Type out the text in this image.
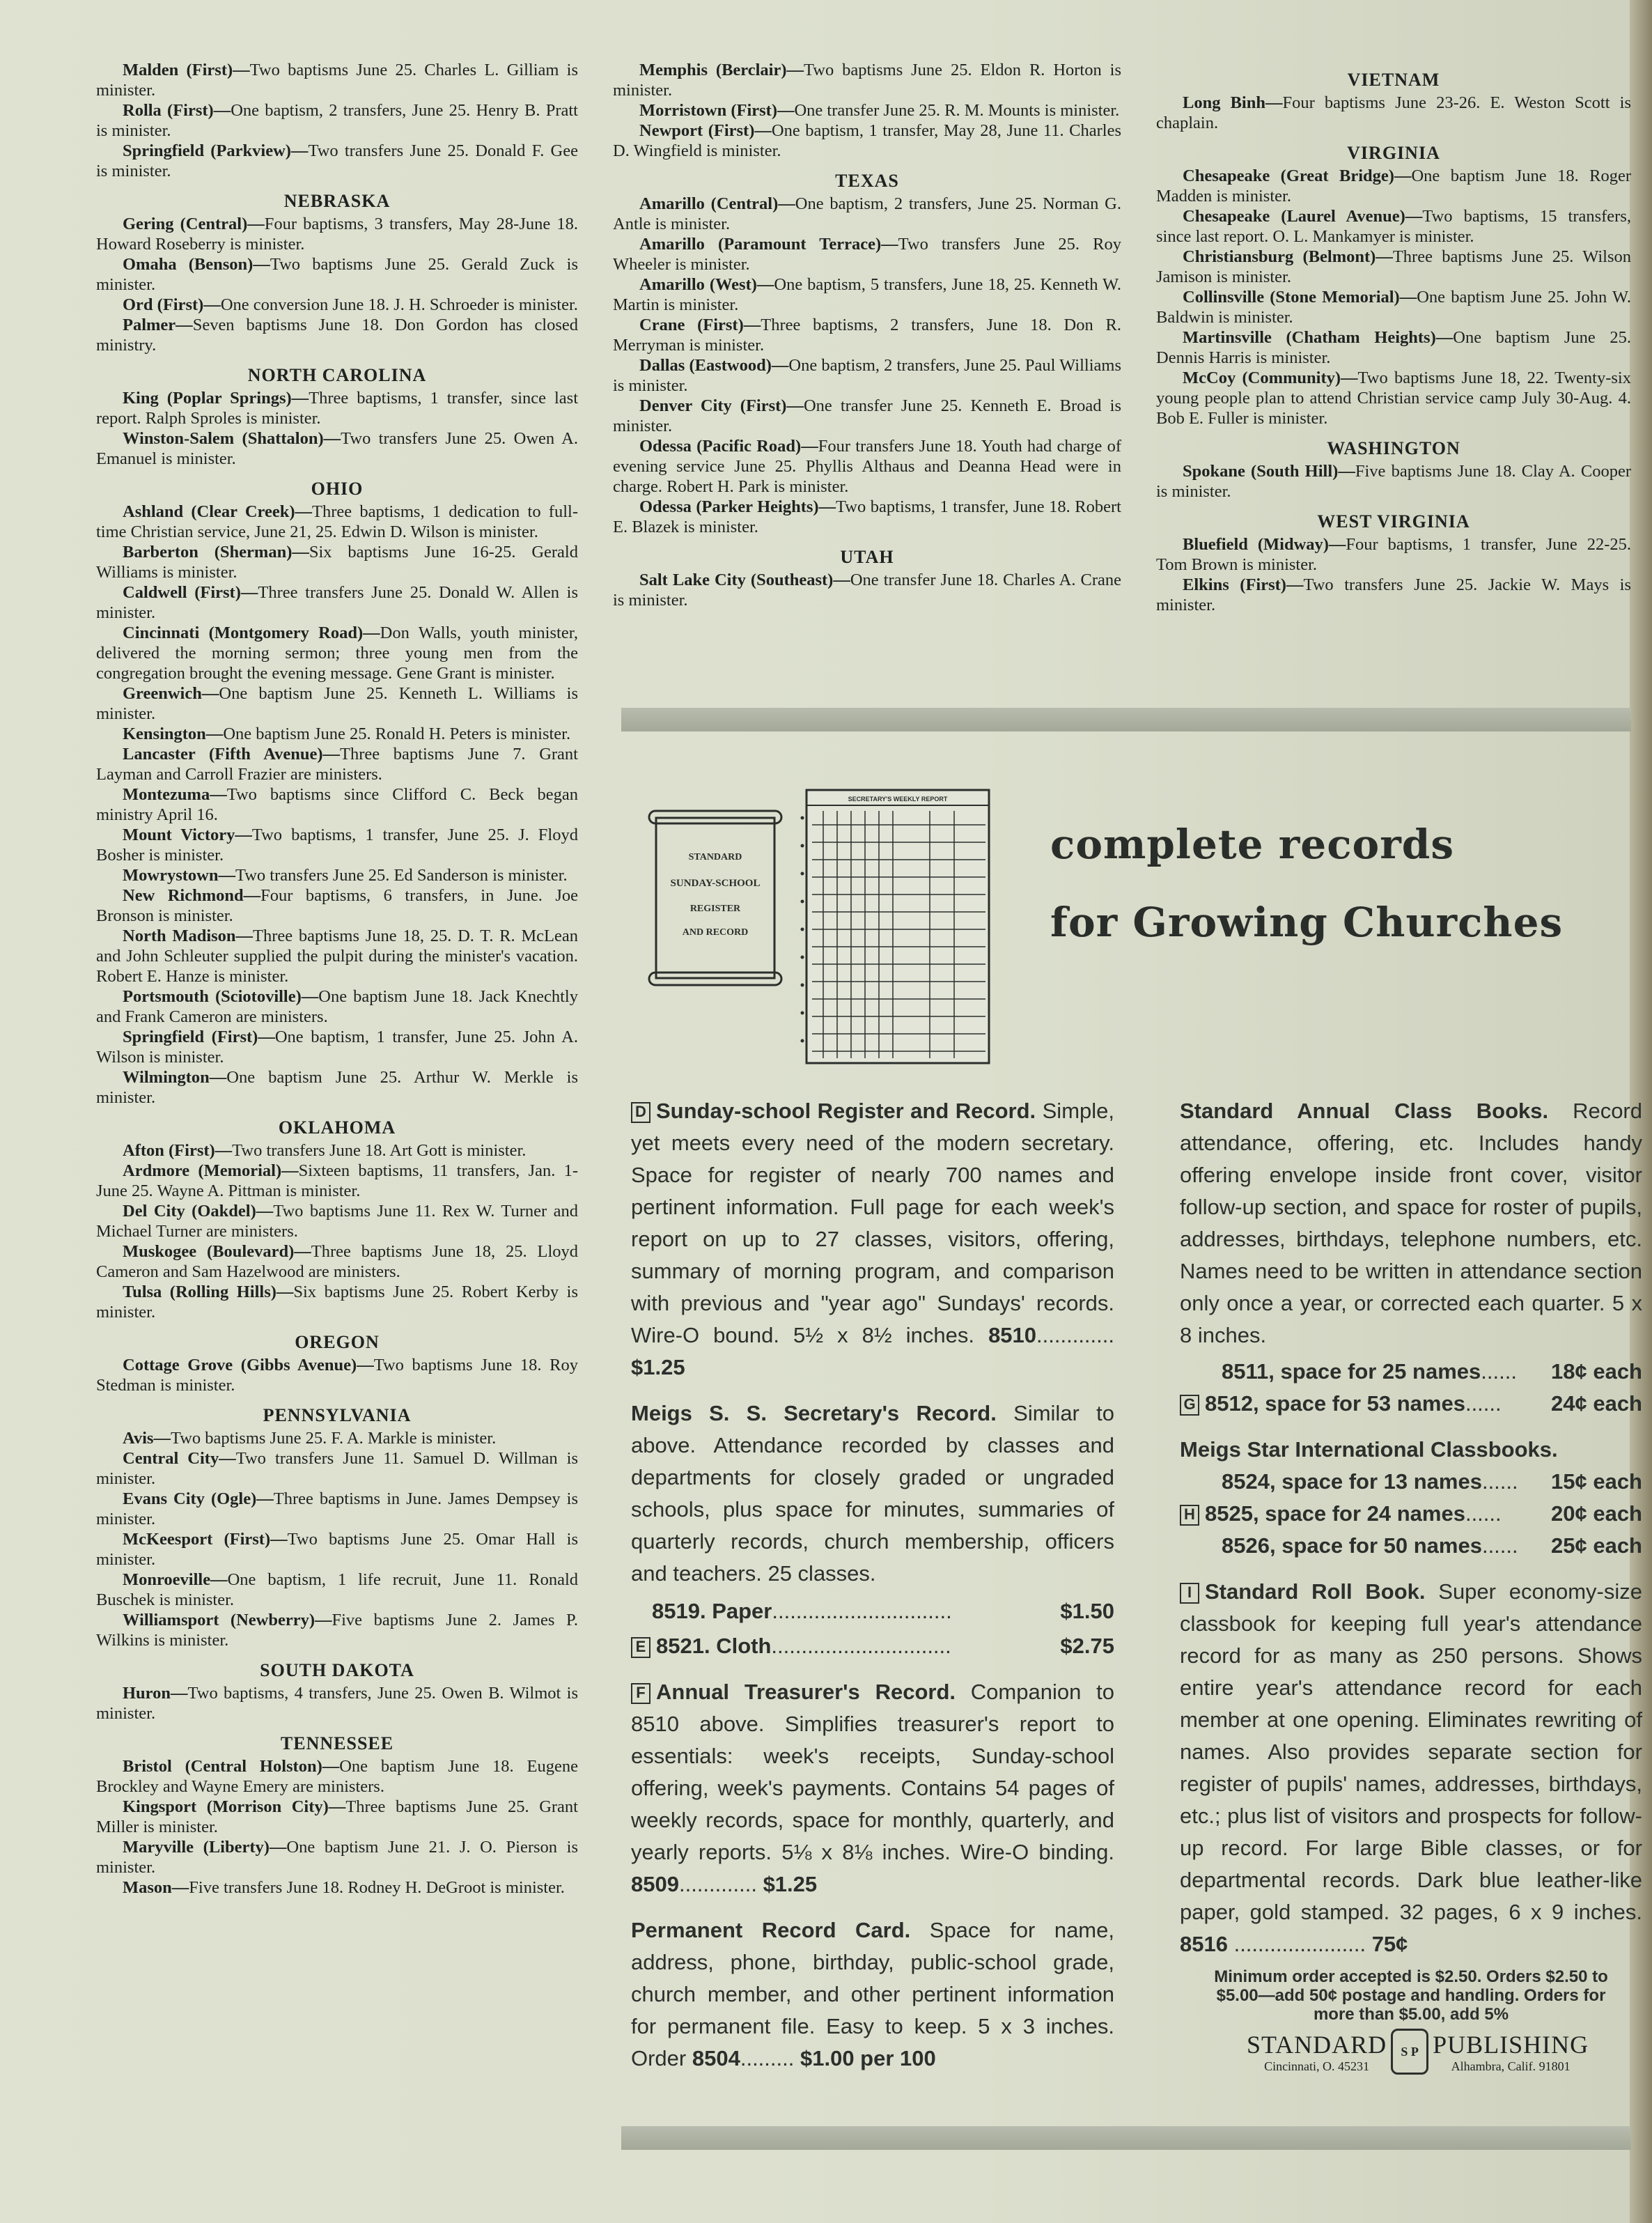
Malden (First)—Two baptisms June 25. Charles L. Gilliam is minister.

Rolla (First)—One baptism, 2 transfers, June 25. Henry B. Pratt is minister.

Springfield (Parkview)—Two transfers June 25. Donald F. Gee is minister.

NEBRASKA

Gering (Central)—Four baptisms, 3 transfers, May 28-June 18. Howard Roseberry is minister.

Omaha (Benson)—Two baptisms June 25. Gerald Zuck is minister.

Ord (First)—One conversion June 18. J. H. Schroeder is minister.

Palmer—Seven baptisms June 18. Don Gordon has closed ministry.

NORTH CAROLINA

King (Poplar Springs)—Three baptisms, 1 transfer, since last report. Ralph Sproles is minister.

Winston-Salem (Shattalon)—Two transfers June 25. Owen A. Emanuel is minister.

OHIO

Ashland (Clear Creek)—Three baptisms, 1 dedication to full-time Christian service, June 21, 25. Edwin D. Wilson is minister.

Barberton (Sherman)—Six baptisms June 16-25. Gerald Williams is minister.

Caldwell (First)—Three transfers June 25. Donald W. Allen is minister.

Cincinnati (Montgomery Road)—Don Walls, youth minister, delivered the morning sermon; three young men from the congregation brought the evening message. Gene Grant is minister.

Greenwich—One baptism June 25. Kenneth L. Williams is minister.

Kensington—One baptism June 25. Ronald H. Peters is minister.

Lancaster (Fifth Avenue)—Three baptisms June 7. Grant Layman and Carroll Frazier are ministers.

Montezuma—Two baptisms since Clifford C. Beck began ministry April 16.

Mount Victory—Two baptisms, 1 transfer, June 25. J. Floyd Bosher is minister.

Mowrystown—Two transfers June 25. Ed Sanderson is minister.

New Richmond—Four baptisms, 6 transfers, in June. Joe Bronson is minister.

North Madison—Three baptisms June 18, 25. D. T. R. McLean and John Schleuter supplied the pulpit during the minister's vacation. Robert E. Hanze is minister.

Portsmouth (Sciotoville)—One baptism June 18. Jack Knechtly and Frank Cameron are ministers.

Springfield (First)—One baptism, 1 transfer, June 25. John A. Wilson is minister.

Wilmington—One baptism June 25. Arthur W. Merkle is minister.

OKLAHOMA

Afton (First)—Two transfers June 18. Art Gott is minister.

Ardmore (Memorial)—Sixteen baptisms, 11 transfers, Jan. 1-June 25. Wayne A. Pittman is minister.

Del City (Oakdel)—Two baptisms June 11. Rex W. Turner and Michael Turner are ministers.

Muskogee (Boulevard)—Three baptisms June 18, 25. Lloyd Cameron and Sam Hazelwood are ministers.

Tulsa (Rolling Hills)—Six baptisms June 25. Robert Kerby is minister.

OREGON

Cottage Grove (Gibbs Avenue)—Two baptisms June 18. Roy Stedman is minister.

PENNSYLVANIA

Avis—Two baptisms June 25. F. A. Markle is minister.

Central City—Two transfers June 11. Samuel D. Willman is minister.

Evans City (Ogle)—Three baptisms in June. James Dempsey is minister.

McKeesport (First)—Two baptisms June 25. Omar Hall is minister.

Monroeville—One baptism, 1 life recruit, June 11. Ronald Buschek is minister.

Williamsport (Newberry)—Five baptisms June 2. James P. Wilkins is minister.

SOUTH DAKOTA

Huron—Two baptisms, 4 transfers, June 25. Owen B. Wilmot is minister.

TENNESSEE

Bristol (Central Holston)—One baptism June 18. Eugene Brockley and Wayne Emery are ministers.

Kingsport (Morrison City)—Three baptisms June 25. Grant Miller is minister.

Maryville (Liberty)—One baptism June 21. J. O. Pierson is minister.

Mason—Five transfers June 18. Rodney H. DeGroot is minister.

Memphis (Berclair)—Two baptisms June 25. Eldon R. Horton is minister.

Morristown (First)—One transfer June 25. R. M. Mounts is minister.

Newport (First)—One baptism, 1 transfer, May 28, June 11. Charles D. Wingfield is minister.

TEXAS

Amarillo (Central)—One baptism, 2 transfers, June 25. Norman G. Antle is minister.

Amarillo (Paramount Terrace)—Two transfers June 25. Roy Wheeler is minister.

Amarillo (West)—One baptism, 5 transfers, June 18, 25. Kenneth W. Martin is minister.

Crane (First)—Three baptisms, 2 transfers, June 18. Don R. Merryman is minister.

Dallas (Eastwood)—One baptism, 2 transfers, June 25. Paul Williams is minister.

Denver City (First)—One transfer June 25. Kenneth E. Broad is minister.

Odessa (Pacific Road)—Four transfers June 18. Youth had charge of evening service June 25. Phyllis Althaus and Deanna Head were in charge. Robert H. Park is minister.

Odessa (Parker Heights)—Two baptisms, 1 transfer, June 18. Robert E. Blazek is minister.

UTAH

Salt Lake City (Southeast)—One transfer June 18. Charles A. Crane is minister.

VIETNAM

Long Binh—Four baptisms June 23-26. E. Weston Scott is chaplain.

VIRGINIA

Chesapeake (Great Bridge)—One baptism June 18. Roger Madden is minister.

Chesapeake (Laurel Avenue)—Two baptisms, 15 transfers, since last report. O. L. Mankamyer is minister.

Christiansburg (Belmont)—Three baptisms June 25. Wilson Jamison is minister.

Collinsville (Stone Memorial)—One baptism June 25. John W. Baldwin is minister.

Martinsville (Chatham Heights)—One baptism June 25. Dennis Harris is minister.

McCoy (Community)—Two baptisms June 18, 22. Twenty-six young people plan to attend Christian service camp July 30-Aug. 4. Bob E. Fuller is minister.

WASHINGTON

Spokane (South Hill)—Five baptisms June 18. Clay A. Cooper is minister.

WEST VIRGINIA

Bluefield (Midway)—Four baptisms, 1 transfer, June 22-25. Tom Brown is minister.

Elkins (First)—Two transfers June 25. Jackie W. Mays is minister.

STANDARD
SUNDAY-SCHOOL
REGISTER
AND RECORD
SECRETARY'S WEEKLY REPORT
complete records
for Growing Churches

D Sunday-school Register and Record. Simple, yet meets every need of the modern secretary. Space for register of nearly 700 names and pertinent information. Full page for each week's report on up to 27 classes, visitors, offering, summary of morning program, and comparison with previous and "year ago" Sundays' records. Wire-O bound. 5½ x 8½ inches. 8510............. $1.25

Meigs S. S. Secretary's Record. Similar to above. Attendance recorded by classes and departments for closely graded or ungraded schools, plus space for minutes, summaries of quarterly records, church membership, officers and teachers. 25 classes.

8519. Paper ..............................	$1.50
E 8521. Cloth ..............................	$2.75

F Annual Treasurer's Record. Companion to 8510 above. Simplifies treasurer's report to essentials: week's receipts, Sunday-school offering, week's payments. Contains 54 pages of weekly records, space for monthly, quarterly, and yearly reports. 5⅛ x 8⅛ inches. Wire-O binding. 8509............. $1.25

Permanent Record Card. Space for name, address, phone, birthday, public-school grade, church member, and other pertinent information for permanent file. Easy to keep. 5 x 3 inches. Order 8504......... $1.00 per 100

Standard Annual Class Books. Record attendance, offering, etc. Includes handy offering envelope inside front cover, visitor follow-up section, and space for roster of pupils, addresses, birthdays, telephone numbers, etc. Names need to be written in attendance section only once a year, or corrected each quarter. 5 x 8 inches.

8511, space for 25 names ......	18¢ each
G 8512, space for 53 names ......	24¢ each

Meigs Star International Classbooks.

8524, space for 13 names ......	15¢ each
H 8525, space for 24 names ......	20¢ each
8526, space for 50 names ......	25¢ each

I Standard Roll Book. Super economy-size classbook for keeping full year's attendance record for as many as 250 persons. Shows entire year's attendance record for each member at one opening. Eliminates rewriting of names. Also provides separate section for register of pupils' names, addresses, birthdays, etc.; plus list of visitors and prospects for follow-up record. For large Bible classes, or for departmental records. Dark blue leather-like paper, gold stamped. 32 pages, 6 x 9 inches. 8516 ...................... 75¢

Minimum order accepted is $2.50. Orders $2.50 to $5.00—add 50¢ postage and handling. Orders for more than $5.00, add 5%
STANDARD
Cincinnati, O. 45231
S P PUBLISHING
Alhambra, Calif. 91801
